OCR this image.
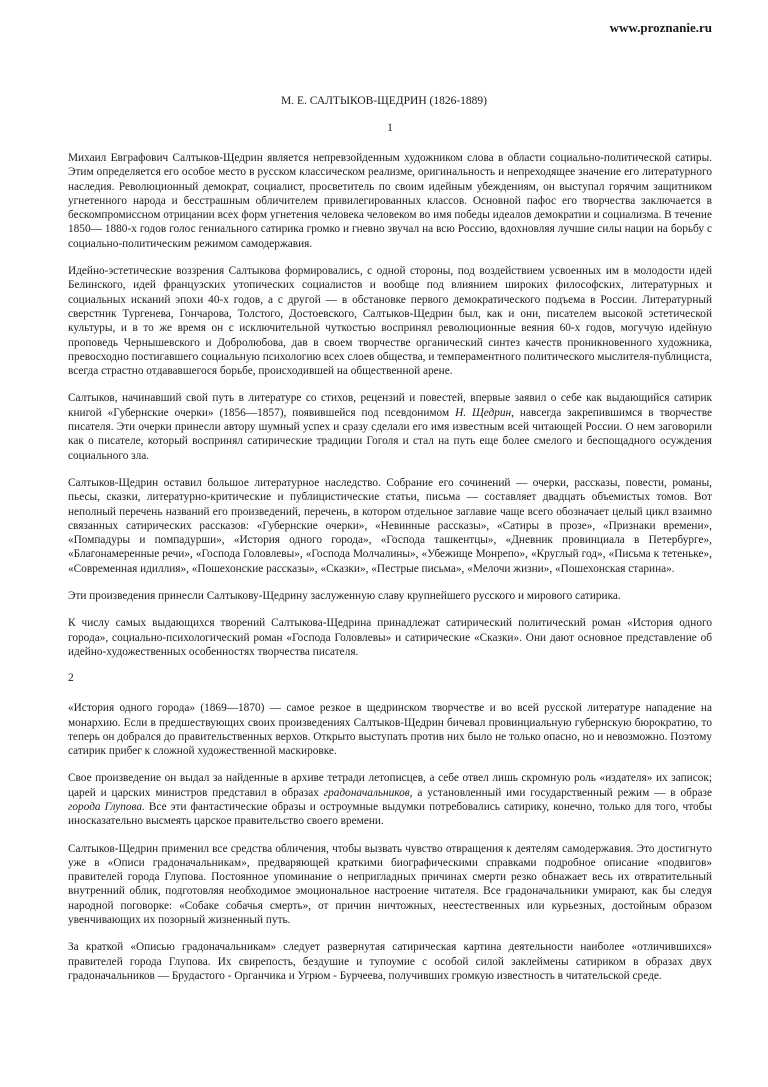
www.proznanie.ru
М. Е. САЛТЫКОВ-ЩЕДРИН (1826-1889)
1

Михаил Евграфович Салтыков-Щедрин является непревзойденным художником слова в области социально-политической сатиры. Этим определяется его особое место в русском классическом реализме, оригинальность и непреходящее значение его литературного наследия. Революционный демократ, социалист, просветитель по своим идейным убеждениям, он выступал горячим защитником угнетенного народа и бесстрашным обличителем привилегированных классов. Основной пафос его творчества заключается в бескомпромиссном отрицании всех форм угнетения человека человеком во имя победы идеалов демократии и социализма. В течение 1850— 1880-х годов голос гениального сатирика громко и гневно звучал на всю Россию, вдохновляя лучшие силы нации на борьбу с социально-политическим режимом самодержавия.

Идейно-эстетические воззрения Салтыкова формировались, с одной стороны, под воздействием усвоенных им в молодости идей Белинского, идей французских утопических социалистов и вообще под влиянием широких философских, литературных и социальных исканий эпохи 40-х годов, а с другой — в обстановке первого демократического подъема в России. Литературный сверстник Тургенева, Гончарова, Толстого, Достоевского, Салтыков-Щедрин был, как и они, писателем высокой эстетической культуры, и в то же время он с исключительной чуткостью воспринял революционные веяния 60-х годов, могучую идейную проповедь Чернышевского и Добролюбова, дав в своем творчестве органический синтез качеств проникновенного художника, превосходно постигавшего социальную психологию всех слоев общества, и темпераментного политического мыслителя-публициста, всегда страстно отдававшегося борьбе, происходившей на общественной арене.

Салтыков, начинавший свой путь в литературе со стихов, рецензий и повестей, впервые заявил о себе как выдающийся сатирик книгой «Губернские очерки» (1856—1857), появившейся под псевдонимом Н. Щедрин, навсегда закрепившимся в творчестве писателя. Эти очерки принесли автору шумный успех и сразу сделали его имя известным всей читающей России. О нем заговорили как о писателе, который воспринял сатирические традиции Гоголя и стал на путь еще более смелого и беспощадного осуждения социального зла.

Салтыков-Щедрин оставил большое литературное наследство. Собрание его сочинений — очерки, рассказы, повести, романы, пьесы, сказки, литературно-критические и публицистические статьи, письма — составляет двадцать объемистых томов. Вот неполный перечень названий его произведений, перечень, в котором отдельное заглавие чаще всего обозначает целый цикл взаимно связанных сатирических рассказов: «Губернские очерки», «Невинные рассказы», «Сатиры в прозе», «Признаки времени», «Помпадуры и помпадурши», «История одного города», «Господа ташкентцы», «Дневник провинциала в Петербурге», «Благонамеренные речи», «Господа Головлевы», «Господа Молчалины», «Убежище Монрепо», «Круглый год», «Письма к тетеньке», «Современная идиллия», «Пошехонские рассказы», «Сказки», «Пестрые письма», «Мелочи жизни», «Пошехонская старина».

Эти произведения принесли Салтыкову-Щедрину заслуженную славу крупнейшего русского и мирового сатирика.

К числу самых выдающихся творений Салтыкова-Щедрина принадлежат сатирический политический роман «История одного города», социально-психологический роман «Господа Головлевы» и сатирические «Сказки». Они дают основное представление об идейно-художественных особенностях творчества писателя.

2

«История одного города» (1869—1870) — самое резкое в щедринском творчестве и во всей русской литературе нападение на монархию. Если в предшествующих своих произведениях Салтыков-Щедрин бичевал провинциальную губернскую бюрократию, то теперь он добрался до правительственных верхов. Открыто выступать против них было не только опасно, но и невозможно. Поэтому сатирик прибег к сложной художественной маскировке.

Свое произведение он выдал за найденные в архиве тетради летописцев, а себе отвел лишь скромную роль «издателя» их записок; царей и царских министров представил в образах градоначальников, а установленный ими государственный режим — в образе города Глупова. Все эти фантастические образы и остроумные выдумки потребовались сатирику, конечно, только для того, чтобы иносказательно высмеять царское правительство своего времени.

Салтыков-Щедрин применил все средства обличения, чтобы вызвать чувство отвращения к деятелям самодержавия. Это достигнуто уже в «Описи градоначальникам», предваряющей краткими биографическими справками подробное описание «подвигов» правителей города Глупова. Постоянное упоминание о непригладных причинах смерти резко обнажает весь их отвратительный внутренний облик, подготовляя необходимое эмоциональное настроение читателя. Все градоначальники умирают, как бы следуя народной поговорке: «Собаке собачья смерть», от причин ничтожных, неестественных или курьезных, достойным образом увенчивающих их позорный жизненный путь.

За краткой «Описью градоначальникам» следует развернутая сатирическая картина деятельности наиболее «отличившихся» правителей города Глупова. Их свирепость, бездушие и тупоумие с особой силой заклеймены сатириком в образах двух градоначальников — Брудастого - Органчика и Угрюм - Бурчеева, получивших громкую известность в читательской среде.
